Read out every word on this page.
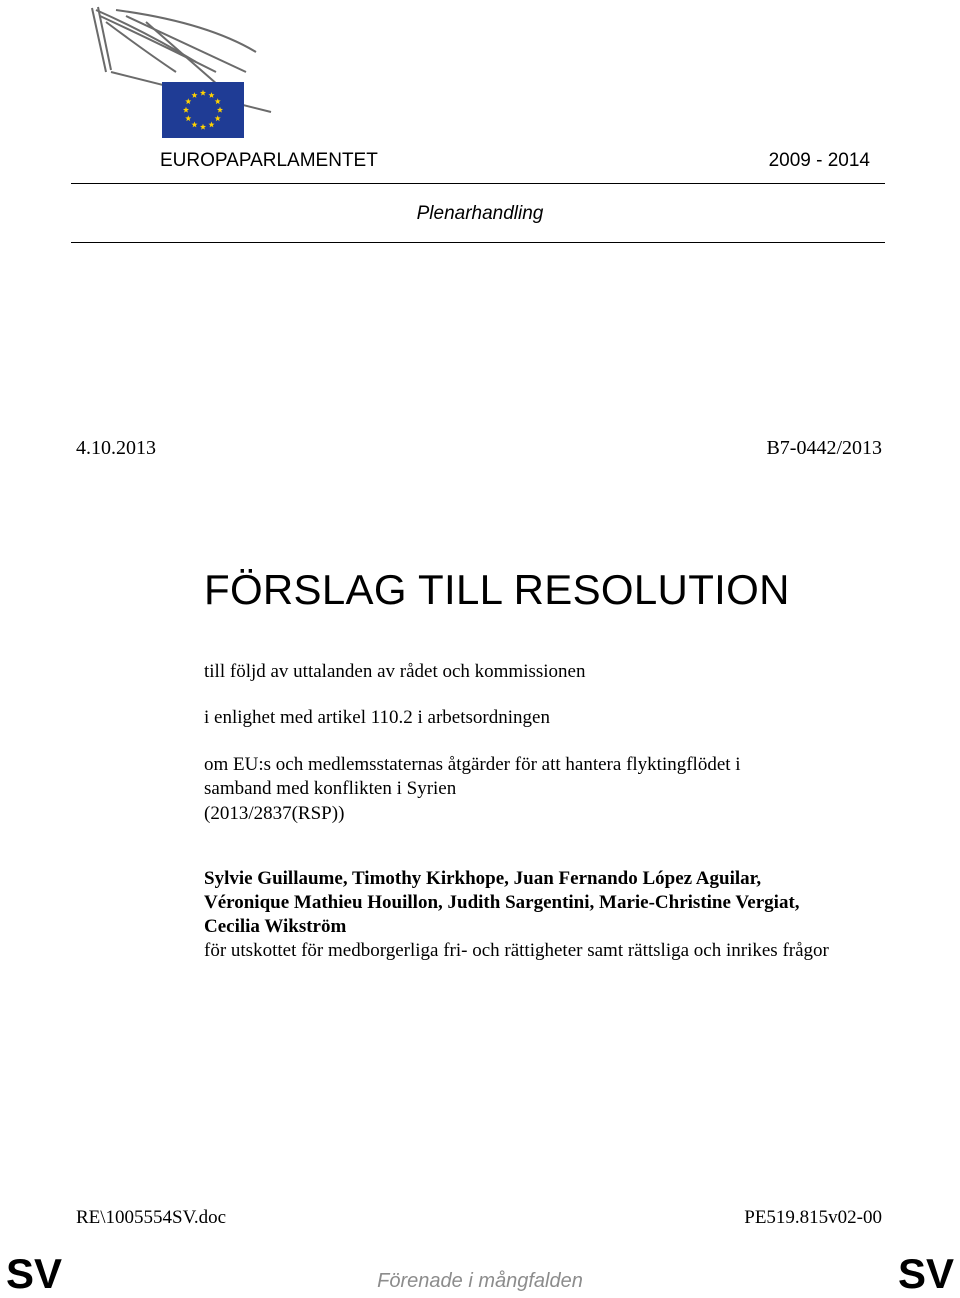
EUROPAPARLAMENTET	2009 - 2014
Plenarhandling
4.10.2013	B7-0442/2013
FÖRSLAG TILL RESOLUTION
till följd av uttalanden av rådet och kommissionen
i enlighet med artikel 110.2 i arbetsordningen
om EU:s och medlemsstaternas åtgärder för att hantera flyktingflödet i
samband med konflikten i Syrien
(2013/2837(RSP))
Sylvie Guillaume, Timothy Kirkhope, Juan Fernando López Aguilar,
Véronique Mathieu Houillon, Judith Sargentini, Marie-Christine Vergiat,
Cecilia Wikström
för utskottet för medborgerliga fri- och rättigheter samt rättsliga och inrikes frågor
RE\1005554SV.doc	PE519.815v02-00
SV	SV
Förenade i mångfalden
